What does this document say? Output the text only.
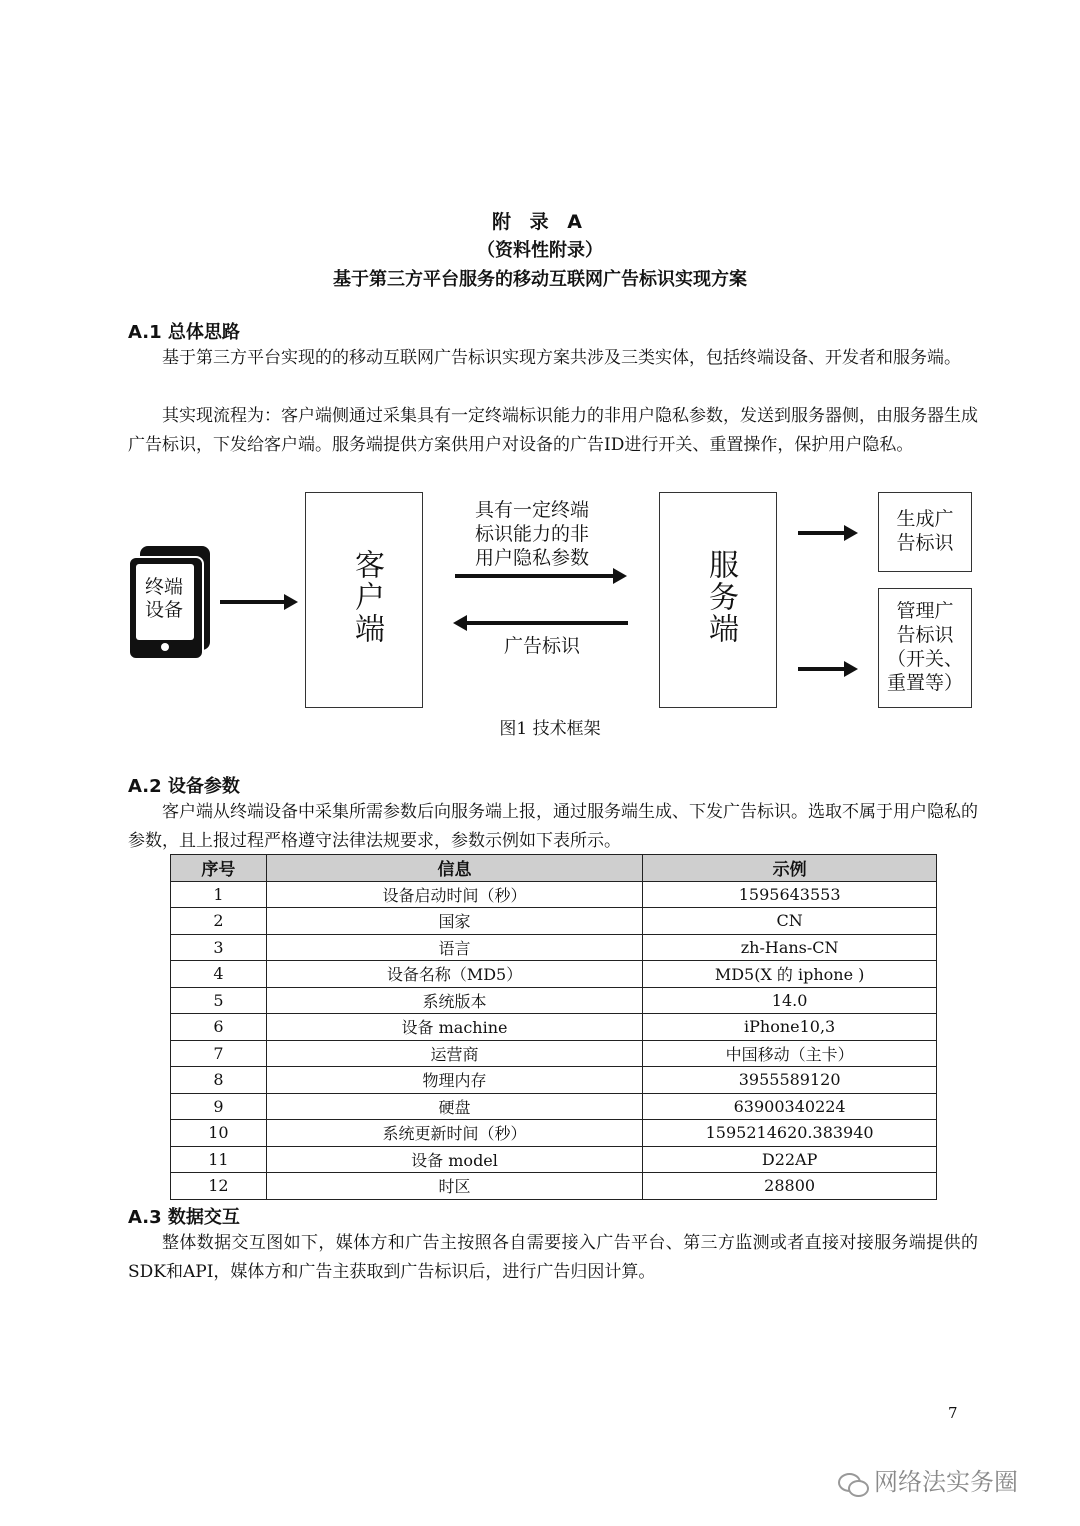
附 录 A
（资料性附录）
基于第三方平台服务的移动互联网广告标识实现方案
A.1 总体思路
基于第三方平台实现的的移动互联网广告标识实现方案共涉及三类实体，包括终端设备、开发者和服务端。
其实现流程为：客户端侧通过采集具有一定终端标识能力的非用户隐私参数，发送到服务器侧，由服务器生成广告标识，下发给客户端。服务端提供方案供用户对设备的广告ID进行开关、重置操作，保护用户隐私。
终端
设备	客户端
具有一定终端
标识能力的非
用户隐私参数
广告标识
服务端
生成广
告标识
管理广
告标识
（开关、
重置等）
图1 技术框架
A.2 设备参数
客户端从终端设备中采集所需参数后向服务端上报，通过服务端生成、下发广告标识。选取不属于用户隐私的参数，且上报过程严格遵守法律法规要求，参数示例如下表所示。
序号	信息	示例
1	设备启动时间（秒）	1595643553
2	国家	CN
3	语言	zh-Hans-CN
4	设备名称（MD5）	MD5(X 的 iphone )
5	系统版本	14.0
6	设备 machine	iPhone10,3
7	运营商	中国移动（主卡）
8	物理内存	3955589120
9	硬盘	63900340224
10	系统更新时间（秒）	1595214620.383940
11	设备 model	D22AP
12	时区	28800
A.3 数据交互
整体数据交互图如下，媒体方和广告主按照各自需要接入广告平台、第三方监测或者直接对接服务端提供的SDK和API，媒体方和广告主获取到广告标识后，进行广告归因计算。
7
网络法实务圈
